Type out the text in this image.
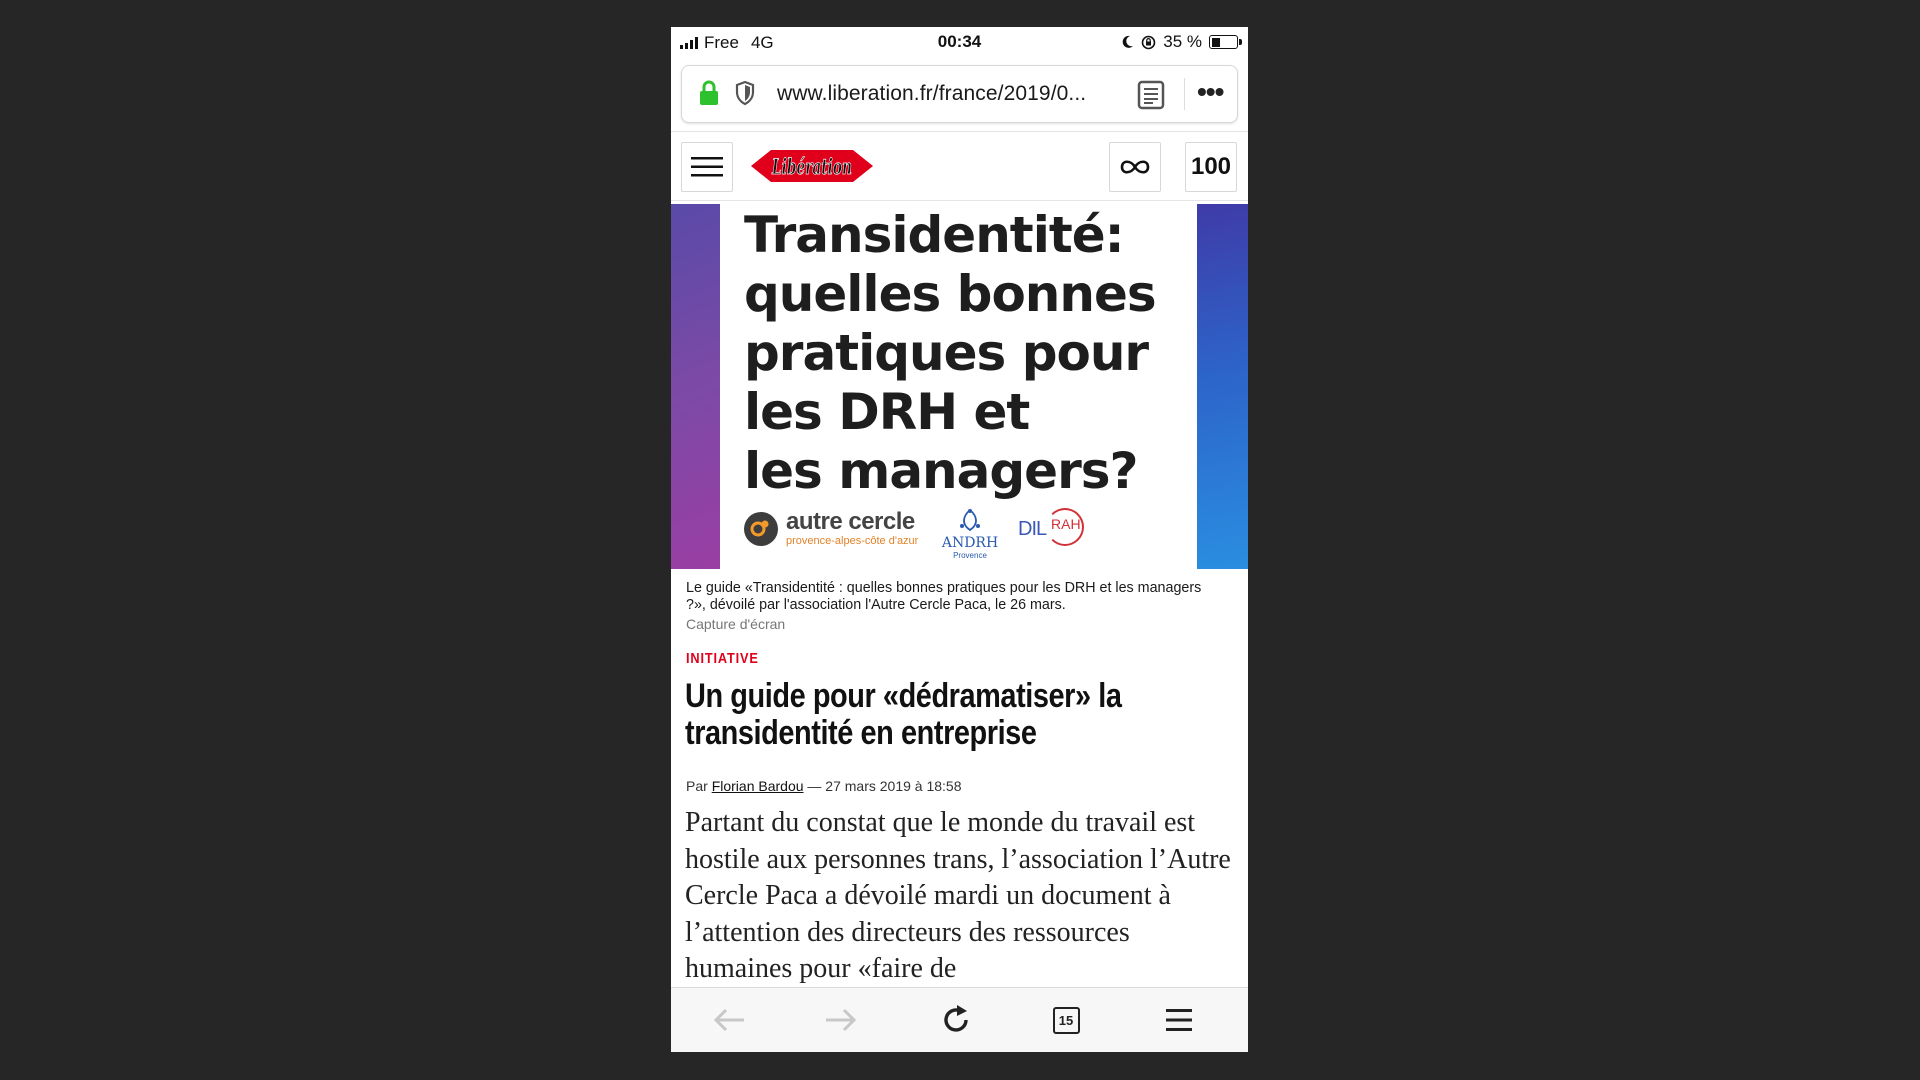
Free 4G	00:34	35 %
www.liberation.fr/france/2019/0...	•••
Libération	100
Transidentité:
quelles bonnes
pratiques pour
les DRH et
les managers?
autre cercle
provence-alpes-côte d'azur ANDRH
Provence
DIL RAH
Le guide «Transidentité : quelles bonnes pratiques pour les DRH et les managers ?», dévoilé par l'association l'Autre Cercle Paca, le 26 mars.
Capture d'écran
INITIATIVE
Un guide pour «dédramatiser» la
transidentité en entreprise
Par Florian Bardou — 27 mars 2019 à 18:58
Partant du constat que le monde du travail est hostile aux personnes trans, l’association l’Autre Cercle Paca a dévoilé mardi un document à l’attention des directeurs des ressources humaines pour «faire de
15
